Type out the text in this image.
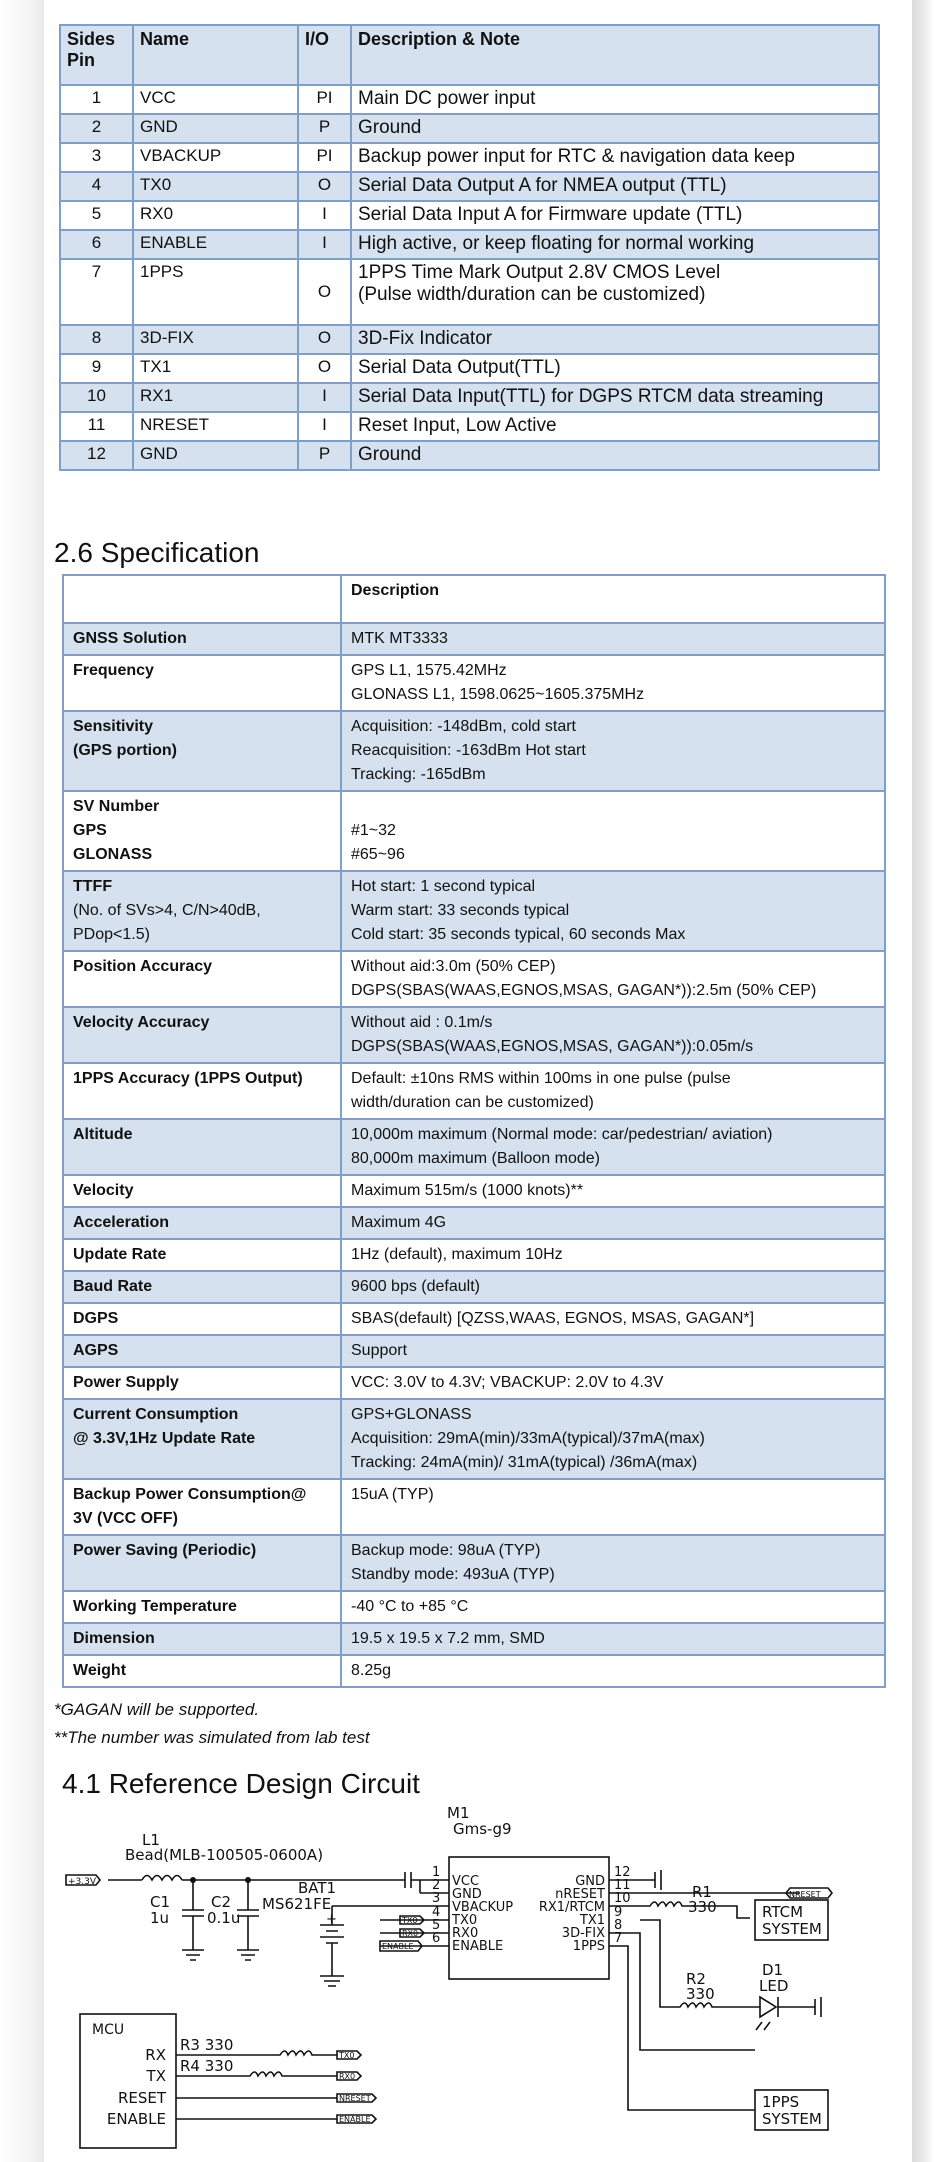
Sides Pin	Name	I/O	Description & Note
1	VCC	PI	Main DC power input
2	GND	P	Ground
3	VBACKUP	PI	Backup power input for RTC & navigation data keep
4	TX0	O	Serial Data Output A for NMEA output (TTL)
5	RX0	I	Serial Data Input A for Firmware update (TTL)
6	ENABLE	I	High active, or keep floating for normal working
7	1PPS	O	1PPS Time Mark Output 2.8V CMOS Level
(Pulse width/duration can be customized)
8	3D-FIX	O	3D-Fix Indicator
9	TX1	O	Serial Data Output(TTL)
10	RX1	I	Serial Data Input(TTL) for DGPS RTCM data streaming
11	NRESET	I	Reset Input, Low Active
12	GND	P	Ground
2.6 Specification
	Description
GNSS Solution	MTK MT3333
Frequency	GPS L1, 1575.42MHz
GLONASS L1, 1598.0625~1605.375MHz
Sensitivity
(GPS portion)	Acquisition: -148dBm, cold start
Reacquisition: -163dBm Hot start
Tracking: -165dBm
SV Number
GPS
GLONASS	#1~32
#65~96
TTFF
(No. of SVs>4, C/N>40dB,
PDop<1.5)	Hot start: 1 second typical
Warm start: 33 seconds typical
Cold start: 35 seconds typical, 60 seconds Max
Position Accuracy	Without aid:3.0m (50% CEP)
DGPS(SBAS(WAAS,EGNOS,MSAS, GAGAN*)):2.5m (50% CEP)
Velocity Accuracy	Without aid : 0.1m/s
DGPS(SBAS(WAAS,EGNOS,MSAS, GAGAN*)):0.05m/s
1PPS Accuracy (1PPS Output)	Default: ±10ns RMS within 100ms in one pulse (pulse
width/duration can be customized)
Altitude	10,000m maximum (Normal mode: car/pedestrian/ aviation)
80,000m maximum (Balloon mode)
Velocity	Maximum 515m/s (1000 knots)**
Acceleration	Maximum 4G
Update Rate	1Hz (default), maximum 10Hz
Baud Rate	9600 bps (default)
DGPS	SBAS(default) [QZSS,WAAS, EGNOS, MSAS, GAGAN*]
AGPS	Support
Power Supply	VCC: 3.0V to 4.3V; VBACKUP: 2.0V to 4.3V
Current Consumption
@ 3.3V,1Hz Update Rate	GPS+GLONASS
Acquisition: 29mA(min)/33mA(typical)/37mA(max)
Tracking: 24mA(min)/ 31mA(typical) /36mA(max)
Backup Power Consumption@
3V (VCC OFF)	15uA (TYP)
Power Saving (Periodic)	Backup mode: 98uA (TYP)
Standby mode: 493uA (TYP)
Working Temperature	-40 °C to +85 °C
Dimension	19.5 x 19.5 x 7.2 mm, SMD
Weight	8.25g
*GAGAN will be supported.
**The number was simulated from lab test
4.1 Reference Design Circuit
M1
Gms-g9
L1
Bead(MLB-100505-0600A)
+3.3V
C1
1u
C2
0.1u
BAT1
MS621FE
+
1
VCC
2
GND
3
VBACKUP
4
TX0
5
RX0
6
ENABLE
12
GND 11
nRESET 10
RX1/RTCM 9
TX1 8
3D-FIX 7
1PPS
R1
330
R2
330
D1
LED
NRESET
RTCM
SYSTEM
1PPS
SYSTEM
TX0
RX0
ENABLE
MCU
RX
TX
RESET
ENABLE
R3 330
R4 330
TX0
RX0
NRESET
ENABLE
